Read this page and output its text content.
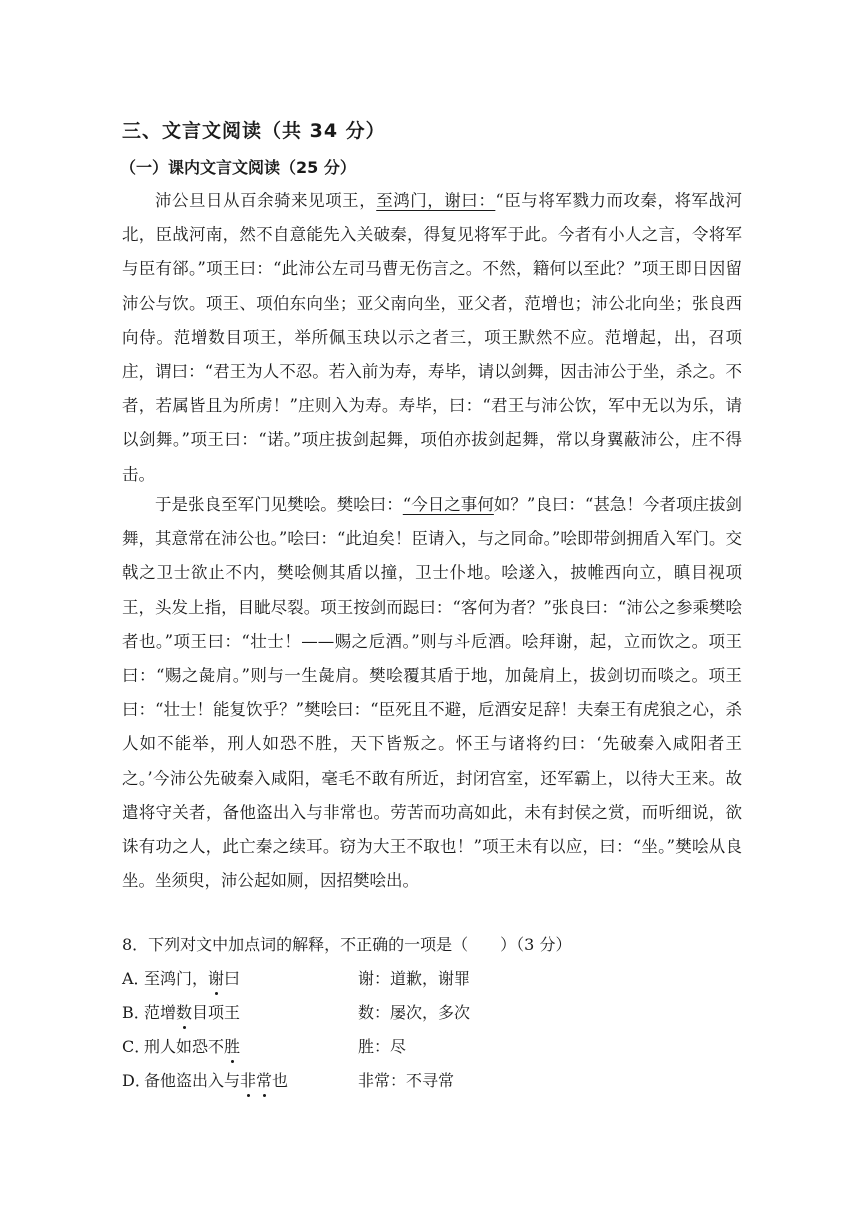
三、文言文阅读（共 34 分）
（一）课内文言文阅读（25 分）

沛公旦日从百余骑来见项王，至鸿门，谢曰：“臣与将军戮力而攻秦，将军战河北，臣战河南，然不自意能先入关破秦，得复见将军于此。今者有小人之言，令将军与臣有郤。”项王曰：“此沛公左司马曹无伤言之。不然，籍何以至此？”项王即日因留沛公与饮。项王、项伯东向坐；亚父南向坐，亚父者，范增也；沛公北向坐；张良西向侍。范增数目项王，举所佩玉玦以示之者三，项王默然不应。范增起，出，召项庄，谓曰：“君王为人不忍。若入前为寿，寿毕，请以剑舞，因击沛公于坐，杀之。不者，若属皆且为所虏！”庄则入为寿。寿毕，曰：“君王与沛公饮，军中无以为乐，请以剑舞。”项王曰：“诺。”项庄拔剑起舞，项伯亦拔剑起舞，常以身翼蔽沛公，庄不得击。

于是张良至军门见樊哙。樊哙曰：“今日之事何如？”良曰：“甚急！今者项庄拔剑舞，其意常在沛公也。”哙曰：“此迫矣！臣请入，与之同命。”哙即带剑拥盾入军门。交戟之卫士欲止不内，樊哙侧其盾以撞，卫士仆地。哙遂入，披帷西向立，瞋目视项王，头发上指，目眦尽裂。项王按剑而跽曰：“客何为者？”张良曰：“沛公之参乘樊哙者也。”项王曰：“壮士！——赐之卮酒。”则与斗卮酒。哙拜谢，起，立而饮之。项王曰：“赐之彘肩。”则与一生彘肩。樊哙覆其盾于地，加彘肩上，拔剑切而啖之。项王曰：“壮士！能复饮乎？”樊哙曰：“臣死且不避，卮酒安足辞！夫秦王有虎狼之心，杀人如不能举，刑人如恐不胜，天下皆叛之。怀王与诸将约曰：‘先破秦入咸阳者王之。’今沛公先破秦入咸阳，毫毛不敢有所近，封闭宫室，还军霸上，以待大王来。故遣将守关者，备他盗出入与非常也。劳苦而功高如此，未有封侯之赏，而听细说，欲诛有功之人，此亡秦之续耳。窃为大王不取也！”项王未有以应，曰：“坐。”樊哙从良坐。坐须臾，沛公起如厕，因招樊哙出。

8．下列对文中加点词的解释，不正确的一项是（　　）（3 分）
A．
至鸿门，谢曰	谢：道歉，谢罪
B．
范增数目项王	数：屡次，多次
C．
刑人如恐不胜	胜：尽
D．
备他盗出入与非常也	非常：不寻常
